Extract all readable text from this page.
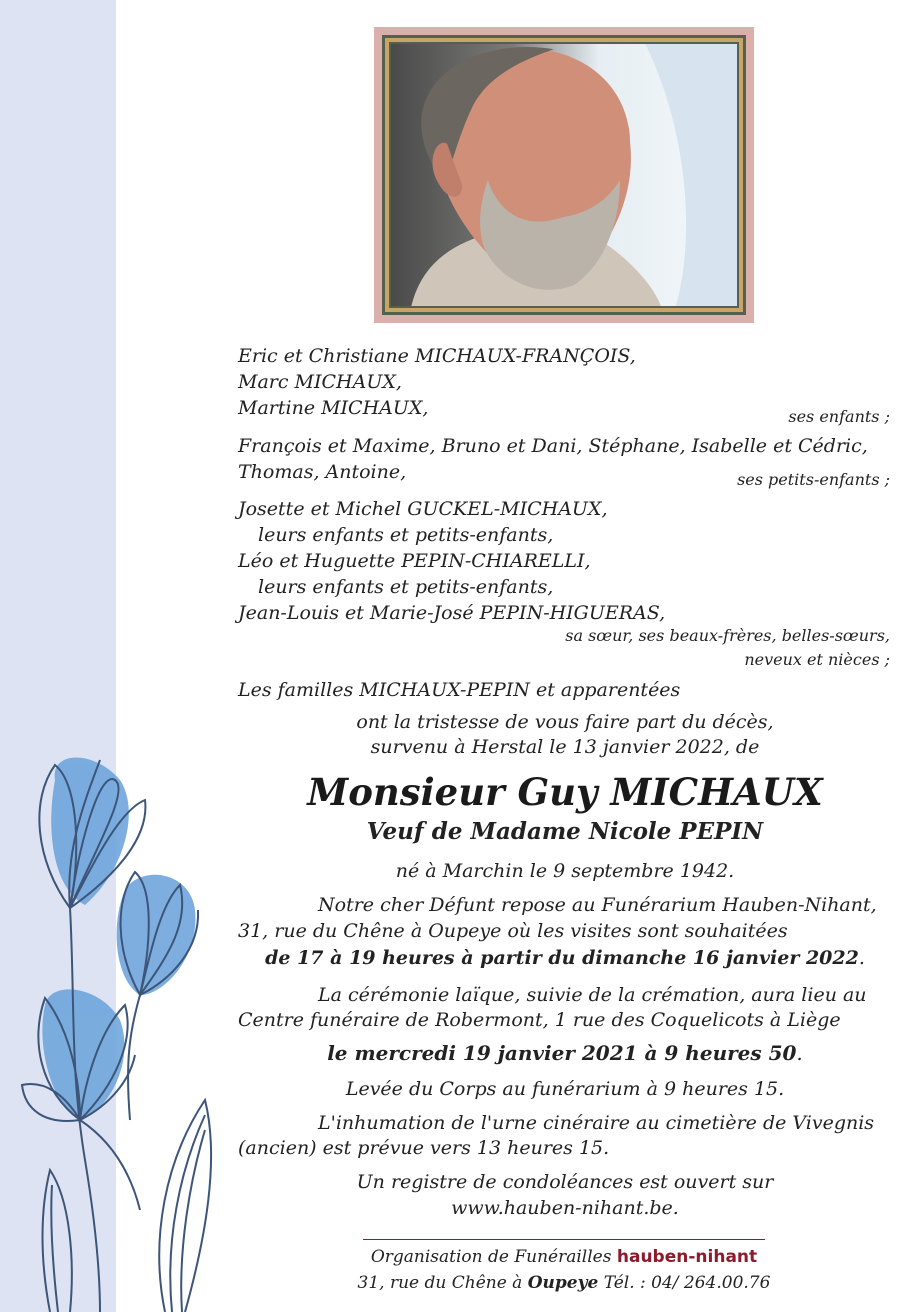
Eric et Christiane MICHAUX-FRANÇOIS,
Marc MICHAUX,
Martine MICHAUX,	ses enfants ;
François et Maxime, Bruno et Dani, Stéphane, Isabelle et Cédric,
Thomas, Antoine,	ses petits-enfants ;
Josette et Michel GUCKEL-MICHAUX,
leurs enfants et petits-enfants,
Léo et Huguette PEPIN-CHIARELLI,
leurs enfants et petits-enfants,
Jean-Louis et Marie-José PEPIN-HIGUERAS,
sa sœur, ses beaux-frères, belles-sœurs,
neveux et nièces ;
Les familles MICHAUX-PEPIN et apparentées
ont la tristesse de vous faire part du décès,
survenu à Herstal le 13 janvier 2022, de
Monsieur Guy MICHAUX
Veuf de Madame Nicole PEPIN
né à Marchin le 9 septembre 1942.
Notre cher Défunt repose au Funérarium Hauben-Nihant,
31, rue du Chêne à Oupeye où les visites sont souhaitées
de 17 à 19 heures à partir du dimanche 16 janvier 2022.
La cérémonie laïque, suivie de la crémation, aura lieu au
Centre funéraire de Robermont, 1 rue des Coquelicots à Liège
le mercredi 19 janvier 2021 à 9 heures 50.
Levée du Corps au funérarium à 9 heures 15.
L'inhumation de l'urne cinéraire au cimetière de Vivegnis
(ancien) est prévue vers 13 heures 15.
Un registre de condoléances est ouvert sur
www.hauben-nihant.be.
Organisation de Funérailles hauben-nihant
31, rue du Chêne à Oupeye Tél. : 04/ 264.00.76
